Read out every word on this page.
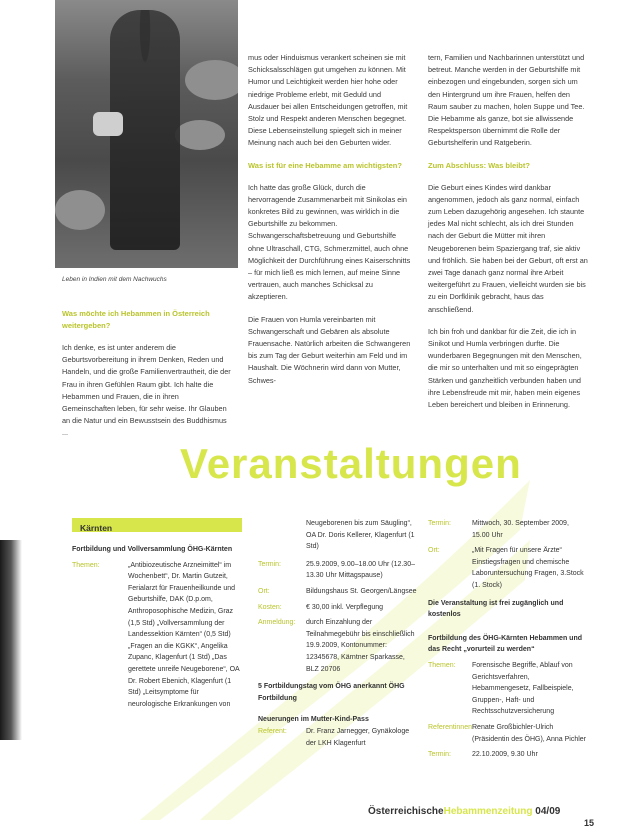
Leben in Indien mit dem Nachwuchs

Was möchte ich Hebammen in Österreich weitergeben?

Ich denke, es ist unter anderem die Geburtsvorbereitung in ihrem Denken, Reden und Handeln, und die große Familienvertrautheit, die der Frau in ihren Gefühlen Raum gibt. Ich halte die Hebammen und Frauen, die in ihren Gemeinschaften leben, für sehr weise. Ihr Glauben an die Natur und ein Bewusstsein des Buddhismus ...

mus oder Hinduismus verankert scheinen sie mit Schicksalsschlägen gut umgehen zu können. Mit Humor und Leichtigkeit werden hier hohe oder niedrige Probleme erlebt, mit Geduld und Ausdauer bei allen Entscheidungen getroffen, mit Stolz und Respekt anderen Menschen begegnet. Diese Lebenseinstellung spiegelt sich in meiner Meinung nach auch bei den Geburten wider.

Was ist für eine Hebamme am wichtigsten?

Ich hatte das große Glück, durch die hervorragende Zusammenarbeit mit Sinikolas ein konkretes Bild zu gewinnen, was wirklich in die Geburtshilfe zu bekommen. Schwangerschaftsbetreuung und Geburtshilfe ohne Ultraschall, CTG, Schmerzmittel, auch ohne Möglichkeit der Durchführung eines Kaiserschnitts – für mich ließ es mich lernen, auf meine Sinne vertrauen, auch manches Schicksal zu akzeptieren.

Die Frauen von Humla vereinbarten mit Schwangerschaft und Gebären als absolute Frauensache. Natürlich arbeiten die Schwangeren bis zum Tag der Geburt weiterhin am Feld und im Haushalt. Die Wöchnerin wird dann von Mutter, Schwes-

tern, Familien und Nachbarinnen unterstützt und betreut. Manche werden in der Geburtshilfe mit einbezogen und eingebunden, sorgen sich um den Hintergrund um ihre Frauen, helfen den Raum sauber zu machen, holen Suppe und Tee. Die Hebamme als ganze, bot sie allwissende Respektsperson übernimmt die Rolle der Geburtshelferin und Ratgeberin.

Zum Abschluss: Was bleibt?

Die Geburt eines Kindes wird dankbar angenommen, jedoch als ganz normal, einfach zum Leben dazugehörig angesehen. Ich staunte jedes Mal nicht schlecht, als ich drei Stunden nach der Geburt die Mütter mit ihren Neugeborenen beim Spaziergang traf, sie aktiv und fröhlich. Sie haben bei der Geburt, oft erst an zwei Tage danach ganz normal ihre Arbeit weitergeführt zu Frauen, vielleicht wurden sie bis zu ein Dorfklinik gebracht, haus das anschließend.

Ich bin froh und dankbar für die Zeit, die ich in Sinikot und Humla verbringen durfte. Die wunderbaren Begegnungen mit den Menschen, die mir so unterhalten und mit so eingeprägten Stärken und ganzheitlich verbunden haben und ihre Lebensfreude mit mir, haben mein eigenes Leben bereichert und bleiben in Erinnerung.

Veranstaltungen
Kärnten
Fortbildung und Vollversammlung ÖHG-Kärnten
Themen:	„Antibiozeutische Arzneimittel“ im Wochenbett“, Dr. Martin Gutzeit, Ferialarzt für Frauenheilkunde und Geburtshilfe, DAK (D.p.om, Anthroposophische Medizin, Graz (1,5 Std) „Vollversammlung der Landessektion Kärnten“ (0,5 Std) „Fragen an die KGKK“, Angelika Zupanc, Klagenfurt (1 Std) „Das gerettete unreife Neugeborene“, OA Dr. Robert Ebenich, Klagenfurt (1 Std) „Leitsymptome für neurologische Erkrankungen von
Neugeborenen bis zum Säugling“, OA Dr. Doris Kellerer, Klagenfurt (1 Std)
Termin:	25.9.2009, 9.00–18.00 Uhr (12.30–13.30 Uhr Mittagspause)
Ort:	Bildungshaus St. Georgen/Längsee
Kosten:	€ 30,00 inkl. Verpflegung
Anmeldung:	durch Einzahlung der Teilnahmegebühr bis einschließlich 19.9.2009, Kontonummer: 12345678, Kärntner Sparkasse, BLZ 20706
5 Fortbildungstag vom ÖHG anerkannt ÖHG Fortbildung
Neuerungen im Mutter-Kind-Pass
Referent:	Dr. Franz Jarnegger, Gynäkologe der LKH Klagenfurt
Termin:	Mittwoch, 30. September 2009, 15.00 Uhr
Ort:	„Mit Fragen für unsere Ärzte“ Einstiegsfragen und chemische Laboruntersuchung Fragen, 3.Stock (1. Stock)
Die Veranstaltung ist frei zugänglich und kostenlos
Fortbildung des ÖHG-Kärnten Hebammen und das Recht „vorurteil zu werden“
Themen:	Forensische Begriffe, Ablauf von Gerichtsverfahren, Hebammengesetz, Fallbeispiele, Gruppen-, Haft- und Rechtsschutzversicherung
Referentinnen:
Renate Großbichler-Ulrich (Präsidentin des ÖHG), Anna Pichler
Termin:	22.10.2009, 9.30 Uhr
ÖsterreichischeHebammenzeitung 04/09
15
